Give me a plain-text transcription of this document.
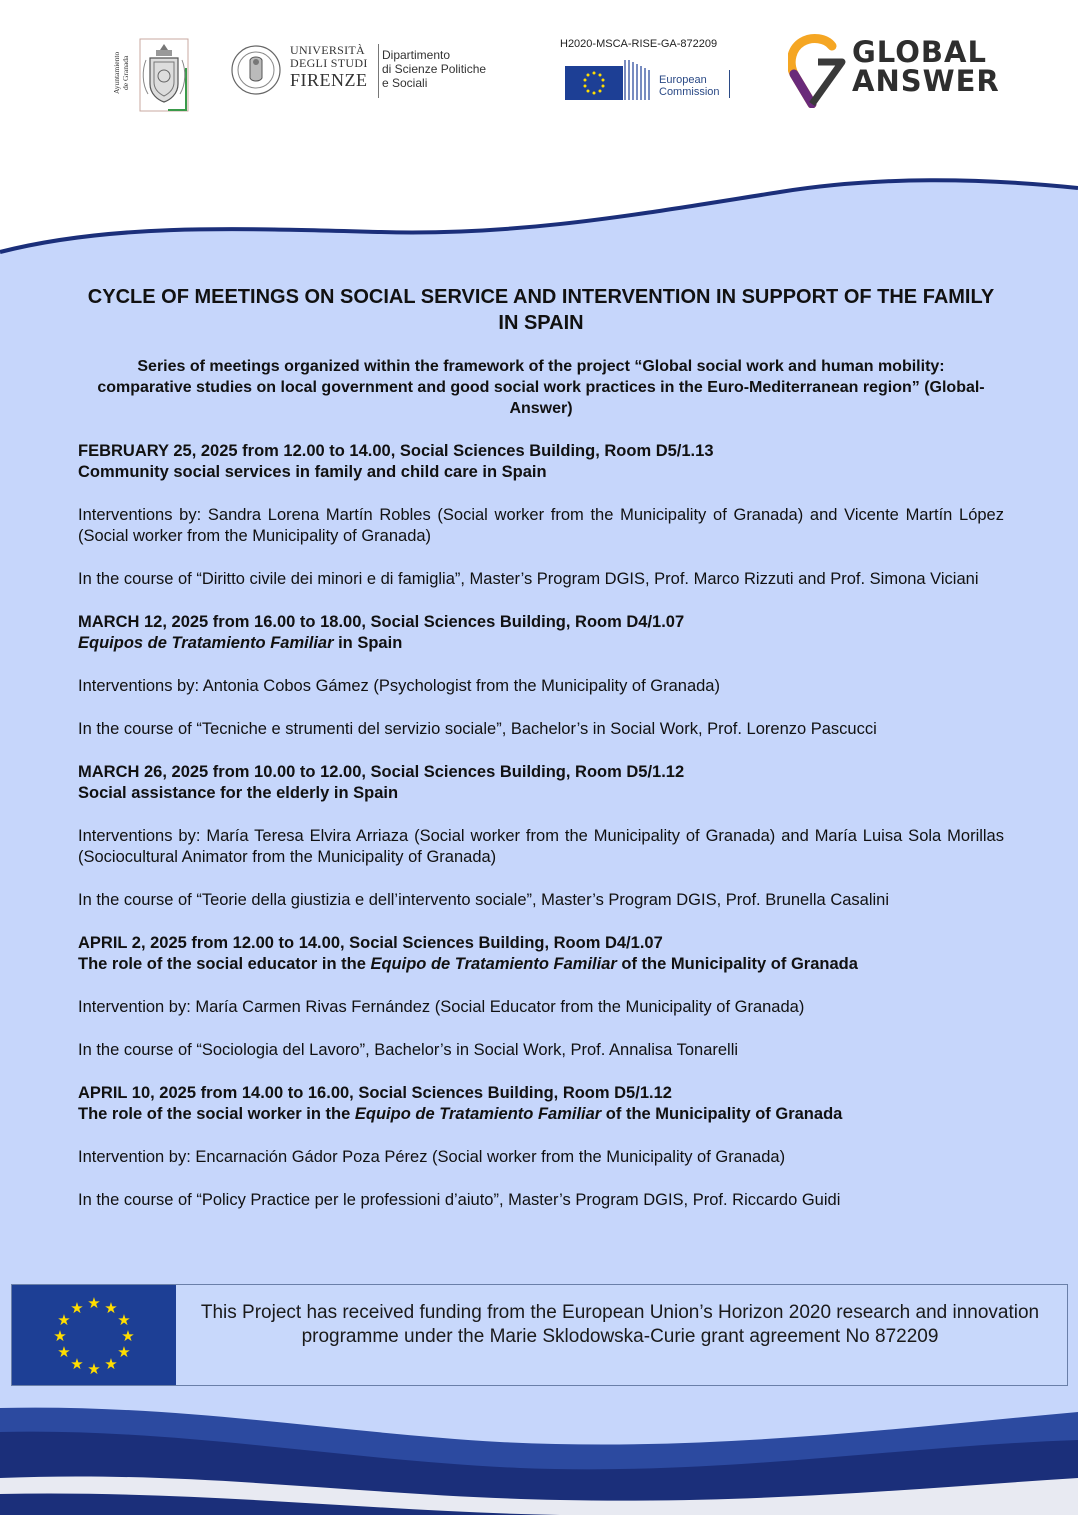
Ayuntamiento
de Granada
UNIVERSITÀ
DEGLI STUDI
FIRENZE
Dipartimento
di Scienze Politiche
e Sociali
H2020-MSCA-RISE-GA-872209
European
Commission
GLOBAL
ANSWER
CYCLE OF MEETINGS ON SOCIAL SERVICE AND INTERVENTION IN SUPPORT OF THE FAMILY IN SPAIN
Series of meetings organized within the framework of the project “Global social work and human mobility: comparative studies on local government and good social work practices in the Euro-Mediterranean region” (Global-Answer)
FEBRUARY 25, 2025 from 12.00 to 14.00, Social Sciences Building, Room D5/1.13
Community social services in family and child care in Spain
Interventions by: Sandra Lorena Martín Robles (Social worker from the Municipality of Granada) and Vicente Martín López (Social worker from the Municipality of Granada)
In the course of “Diritto civile dei minori e di famiglia”, Master’s Program DGIS, Prof. Marco Rizzuti and Prof. Simona Viciani
MARCH 12, 2025 from 16.00 to 18.00, Social Sciences Building, Room D4/1.07
Equipos de Tratamiento Familiar in Spain
Interventions by: Antonia Cobos Gámez (Psychologist from the Municipality of Granada)
In the course of “Tecniche e strumenti del servizio sociale”, Bachelor’s in Social Work, Prof. Lorenzo Pascucci
MARCH 26, 2025 from 10.00 to 12.00, Social Sciences Building, Room D5/1.12
Social assistance for the elderly in Spain
Interventions by: María Teresa Elvira Arriaza (Social worker from the Municipality of Granada) and María Luisa Sola Morillas (Sociocultural Animator from the Municipality of Granada)
In the course of “Teorie della giustizia e dell’intervento sociale”, Master’s Program DGIS, Prof. Brunella Casalini
APRIL 2, 2025 from 12.00 to 14.00, Social Sciences Building, Room D4/1.07
The role of the social educator in the Equipo de Tratamiento Familiar of the Municipality of Granada
Intervention by: María Carmen Rivas Fernández (Social Educator from the Municipality of Granada)
In the course of “Sociologia del Lavoro”, Bachelor’s in Social Work, Prof. Annalisa Tonarelli
APRIL 10, 2025 from 14.00 to 16.00, Social Sciences Building, Room D5/1.12
The role of the social worker in the Equipo de Tratamiento Familiar of the Municipality of Granada
Intervention by: Encarnación Gádor Poza Pérez (Social worker from the Municipality of Granada)
In the course of “Policy Practice per le professioni d’aiuto”, Master’s Program DGIS, Prof. Riccardo Guidi
★ ★
★
★
★
★
★
★
★
★
★
★	This Project has received funding from the European Union’s Horizon 2020 research and innovation programme under the Marie Sklodowska-Curie grant agreement No 872209
